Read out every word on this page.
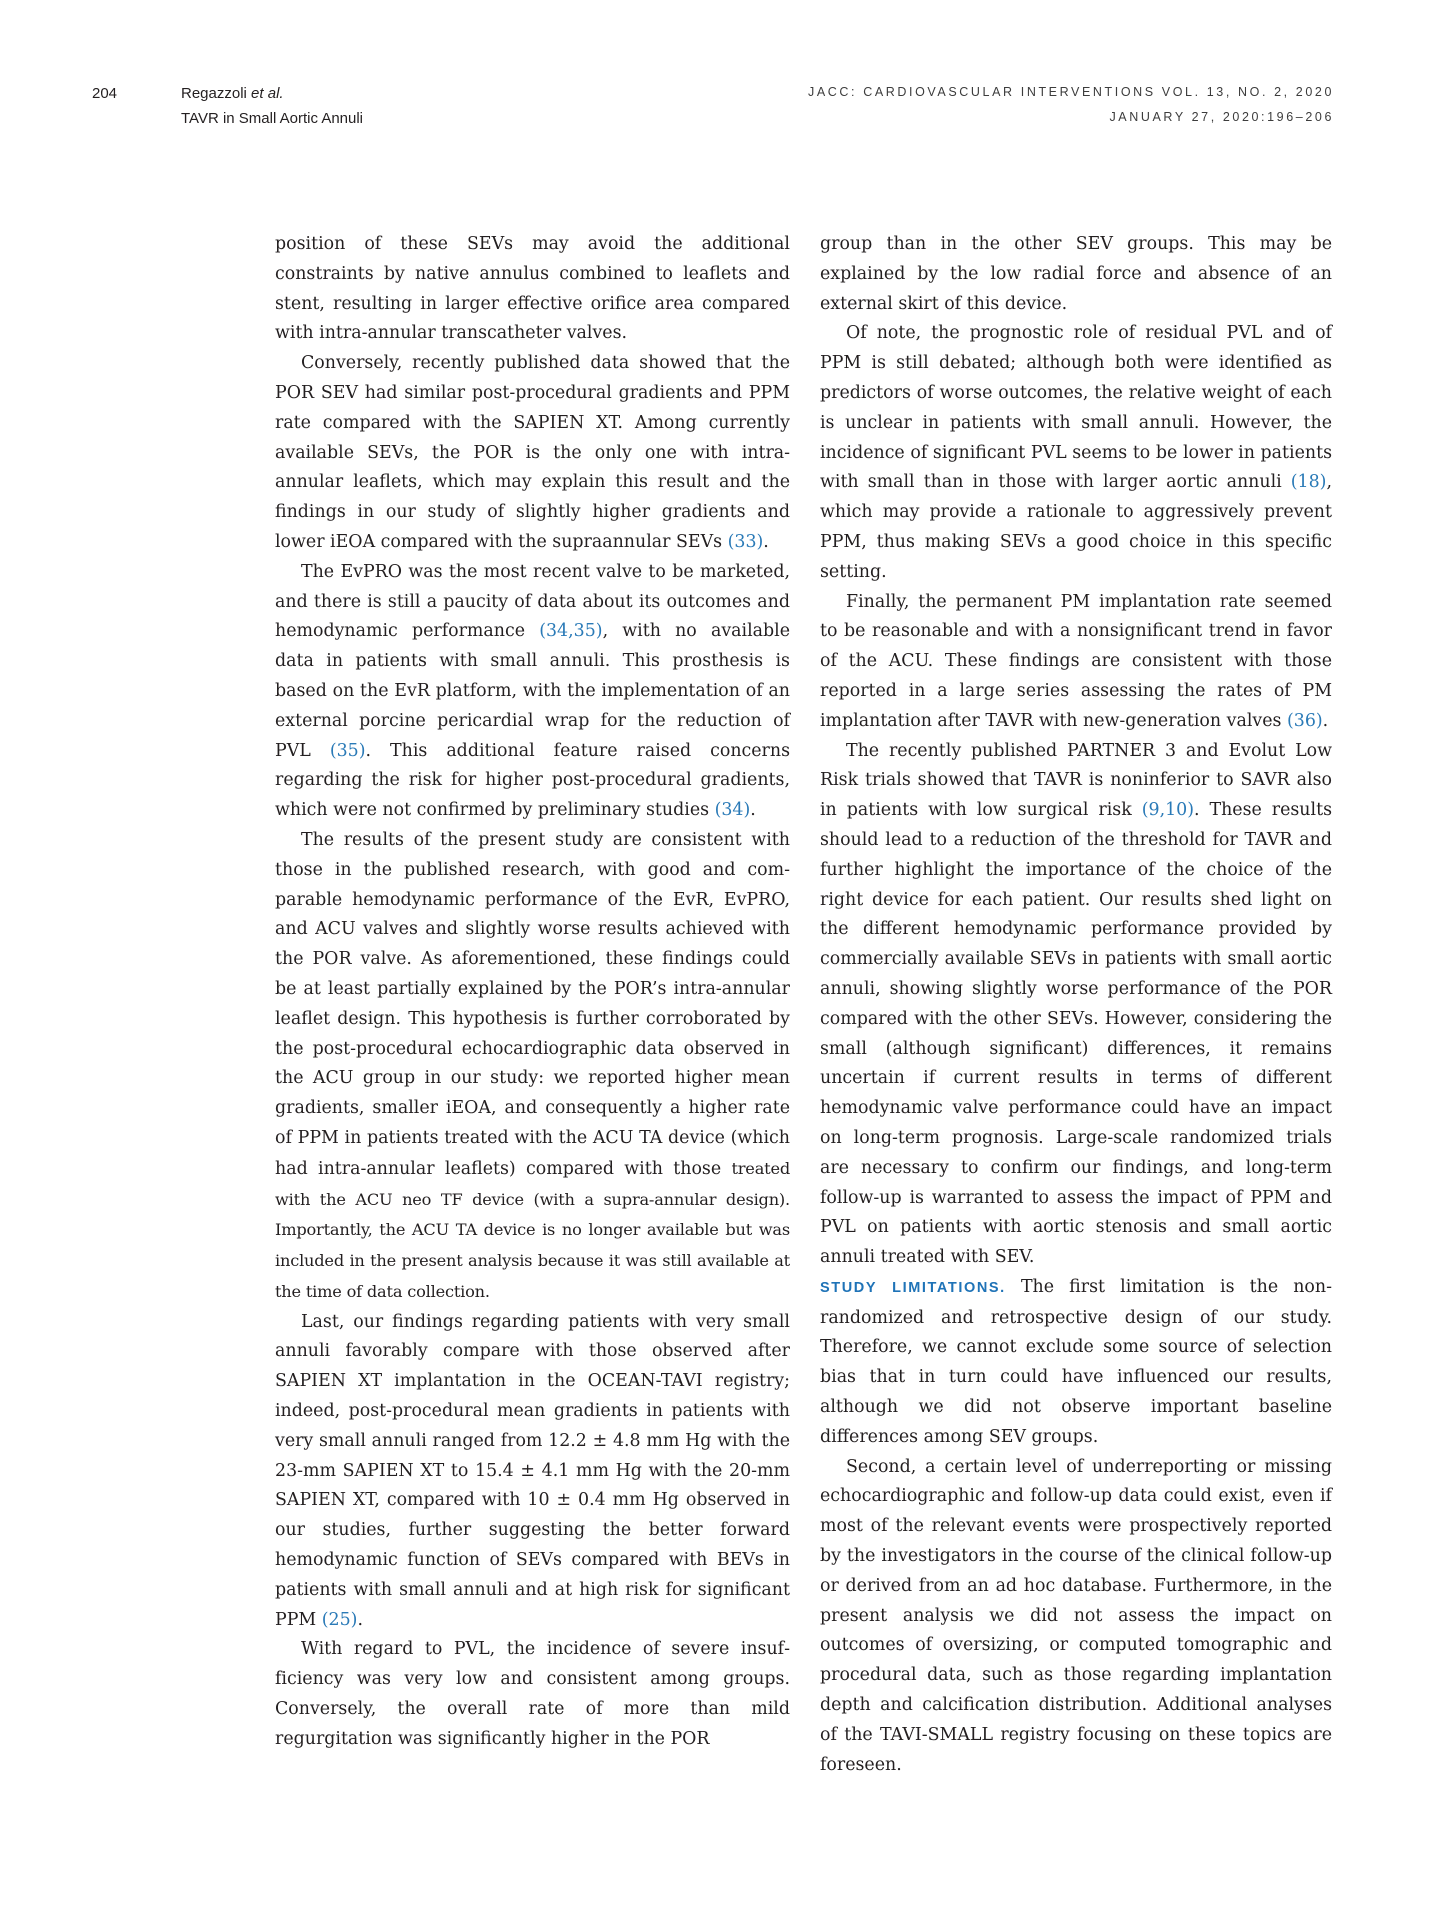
204	Regazzoli et al.
TAVR in Small Aortic Annuli
JACC: CARDIOVASCULAR INTERVENTIONS VOL. 13, NO. 2, 2020
JANUARY 27, 2020:196–206

position of these SEVs may avoid the additional constraints by native annulus combined to leaflets and stent, resulting in larger effective orifice area compared with intra-annular transcatheter valves.

Conversely, recently published data showed that the POR SEV had similar post-procedural gradients and PPM rate compared with the SAPIEN XT. Among currently available SEVs, the POR is the only one with intra-annular leaflets, which may explain this result and the findings in our study of slightly higher gradients and lower iEOA compared with the supraannular SEVs (33).

The EvPRO was the most recent valve to be marketed, and there is still a paucity of data about its outcomes and hemodynamic performance (34,35), with no available data in patients with small annuli. This prosthesis is based on the EvR platform, with the implementation of an external porcine pericardial wrap for the reduction of PVL (35). This additional feature raised concerns regarding the risk for higher post-procedural gradients, which were not confirmed by preliminary studies (34).

The results of the present study are consistent with those in the published research, with good and comparable hemodynamic performance of the EvR, EvPRO, and ACU valves and slightly worse results achieved with the POR valve. As aforementioned, these findings could be at least partially explained by the POR’s intra-annular leaflet design. This hypothesis is further corroborated by the post-procedural echocardiographic data observed in the ACU group in our study: we reported higher mean gradients, smaller iEOA, and consequently a higher rate of PPM in patients treated with the ACU TA device (which had intra-annular leaflets) compared with those treated with the ACU neo TF device (with a supra-annular design). Importantly, the ACU TA device is no longer available but was included in the present analysis because it was still available at the time of data collection.

Last, our findings regarding patients with very small annuli favorably compare with those observed after SAPIEN XT implantation in the OCEAN-TAVI registry; indeed, post-procedural mean gradients in patients with very small annuli ranged from 12.2 ± 4.8 mm Hg with the 23-mm SAPIEN XT to 15.4 ± 4.1 mm Hg with the 20-mm SAPIEN XT, compared with 10 ± 0.4 mm Hg observed in our studies, further suggesting the better forward hemodynamic function of SEVs compared with BEVs in patients with small annuli and at high risk for significant PPM (25).

With regard to PVL, the incidence of severe insufficiency was very low and consistent among groups. Conversely, the overall rate of more than mild regurgitation was significantly higher in the POR

group than in the other SEV groups. This may be explained by the low radial force and absence of an external skirt of this device.

Of note, the prognostic role of residual PVL and of PPM is still debated; although both were identified as predictors of worse outcomes, the relative weight of each is unclear in patients with small annuli. However, the incidence of significant PVL seems to be lower in patients with small than in those with larger aortic annuli (18), which may provide a rationale to aggressively prevent PPM, thus making SEVs a good choice in this specific setting.

Finally, the permanent PM implantation rate seemed to be reasonable and with a nonsignificant trend in favor of the ACU. These findings are consistent with those reported in a large series assessing the rates of PM implantation after TAVR with new-generation valves (36).

The recently published PARTNER 3 and Evolut Low Risk trials showed that TAVR is noninferior to SAVR also in patients with low surgical risk (9,10). These results should lead to a reduction of the threshold for TAVR and further highlight the importance of the choice of the right device for each patient. Our results shed light on the different hemodynamic performance provided by commercially available SEVs in patients with small aortic annuli, showing slightly worse performance of the POR compared with the other SEVs. However, considering the small (although significant) differences, it remains uncertain if current results in terms of different hemodynamic valve performance could have an impact on long-term prognosis. Large-scale randomized trials are necessary to confirm our findings, and long-term follow-up is warranted to assess the impact of PPM and PVL on patients with aortic stenosis and small aortic annuli treated with SEV.

STUDY LIMITATIONS. The first limitation is the nonrandomized and retrospective design of our study. Therefore, we cannot exclude some source of selection bias that in turn could have influenced our results, although we did not observe important baseline differences among SEV groups.

Second, a certain level of underreporting or missing echocardiographic and follow-up data could exist, even if most of the relevant events were prospectively reported by the investigators in the course of the clinical follow-up or derived from an ad hoc database. Furthermore, in the present analysis we did not assess the impact on outcomes of oversizing, or computed tomographic and procedural data, such as those regarding implantation depth and calcification distribution. Additional analyses of the TAVI-SMALL registry focusing on these topics are foreseen.
